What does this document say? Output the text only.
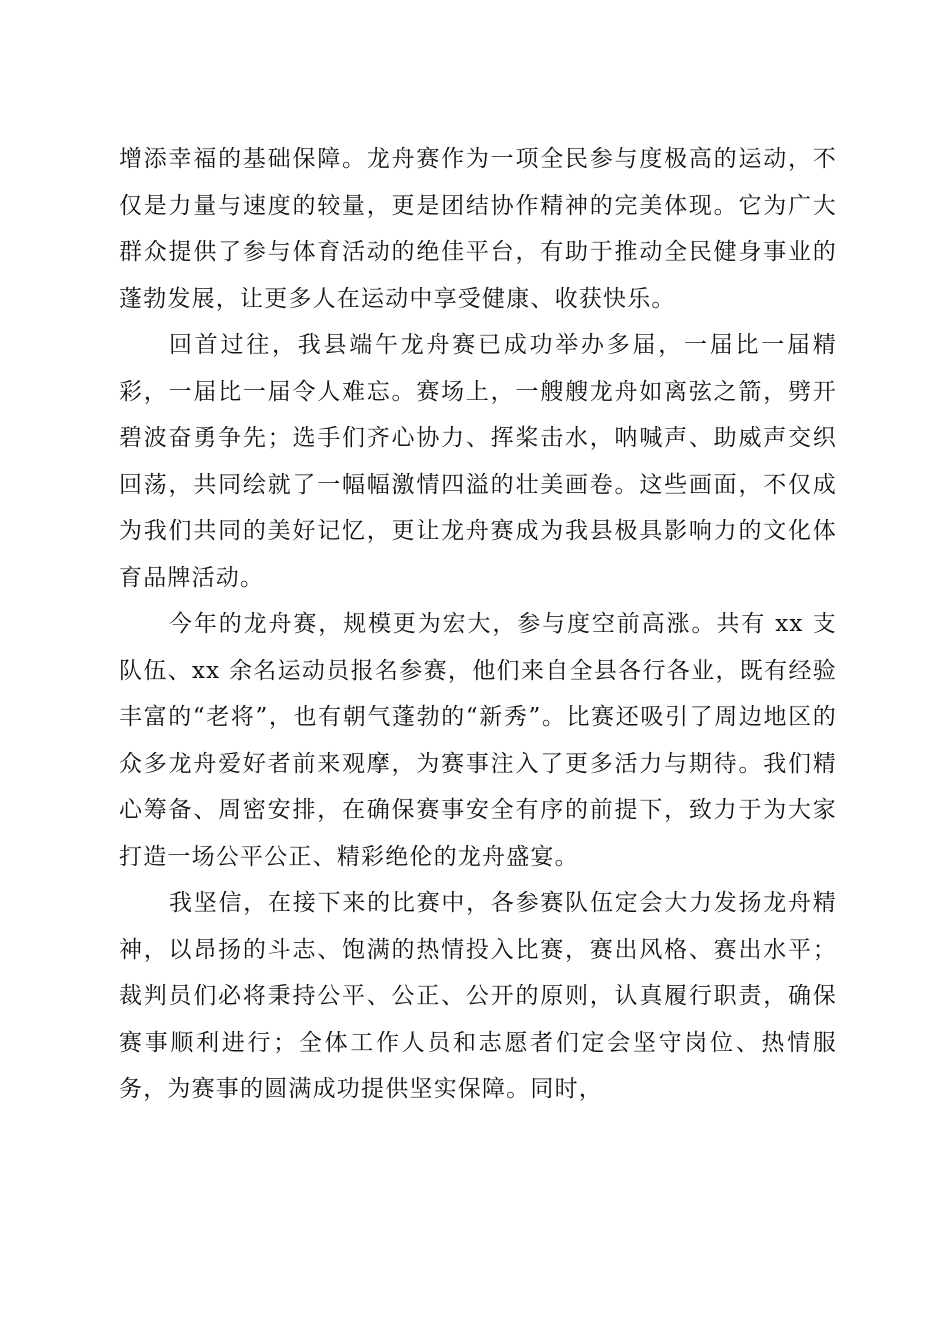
增添幸福的基础保障。龙舟赛作为一项全民参与度极高的运动，不仅是力量与速度的较量，更是团结协作精神的完美体现。它为广大群众提供了参与体育活动的绝佳平台，有助于推动全民健身事业的蓬勃发展，让更多人在运动中享受健康、收获快乐。

回首过往，我县端午龙舟赛已成功举办多届，一届比一届精彩，一届比一届令人难忘。赛场上，一艘艘龙舟如离弦之箭，劈开碧波奋勇争先；选手们齐心协力、挥桨击水，呐喊声、助威声交织回荡，共同绘就了一幅幅激情四溢的壮美画卷。这些画面，不仅成为我们共同的美好记忆，更让龙舟赛成为我县极具影响力的文化体育品牌活动。

今年的龙舟赛，规模更为宏大，参与度空前高涨。共有 xx 支队伍、xx 余名运动员报名参赛，他们来自全县各行各业，既有经验丰富的“老将”，也有朝气蓬勃的“新秀”。比赛还吸引了周边地区的众多龙舟爱好者前来观摩，为赛事注入了更多活力与期待。我们精心筹备、周密安排，在确保赛事安全有序的前提下，致力于为大家打造一场公平公正、精彩绝伦的龙舟盛宴。

我坚信，在接下来的比赛中，各参赛队伍定会大力发扬龙舟精神，以昂扬的斗志、饱满的热情投入比赛，赛出风格、赛出水平；裁判员们必将秉持公平、公正、公开的原则，认真履行职责，确保赛事顺利进行；全体工作人员和志愿者们定会坚守岗位、热情服务，为赛事的圆满成功提供坚实保障。同时，
